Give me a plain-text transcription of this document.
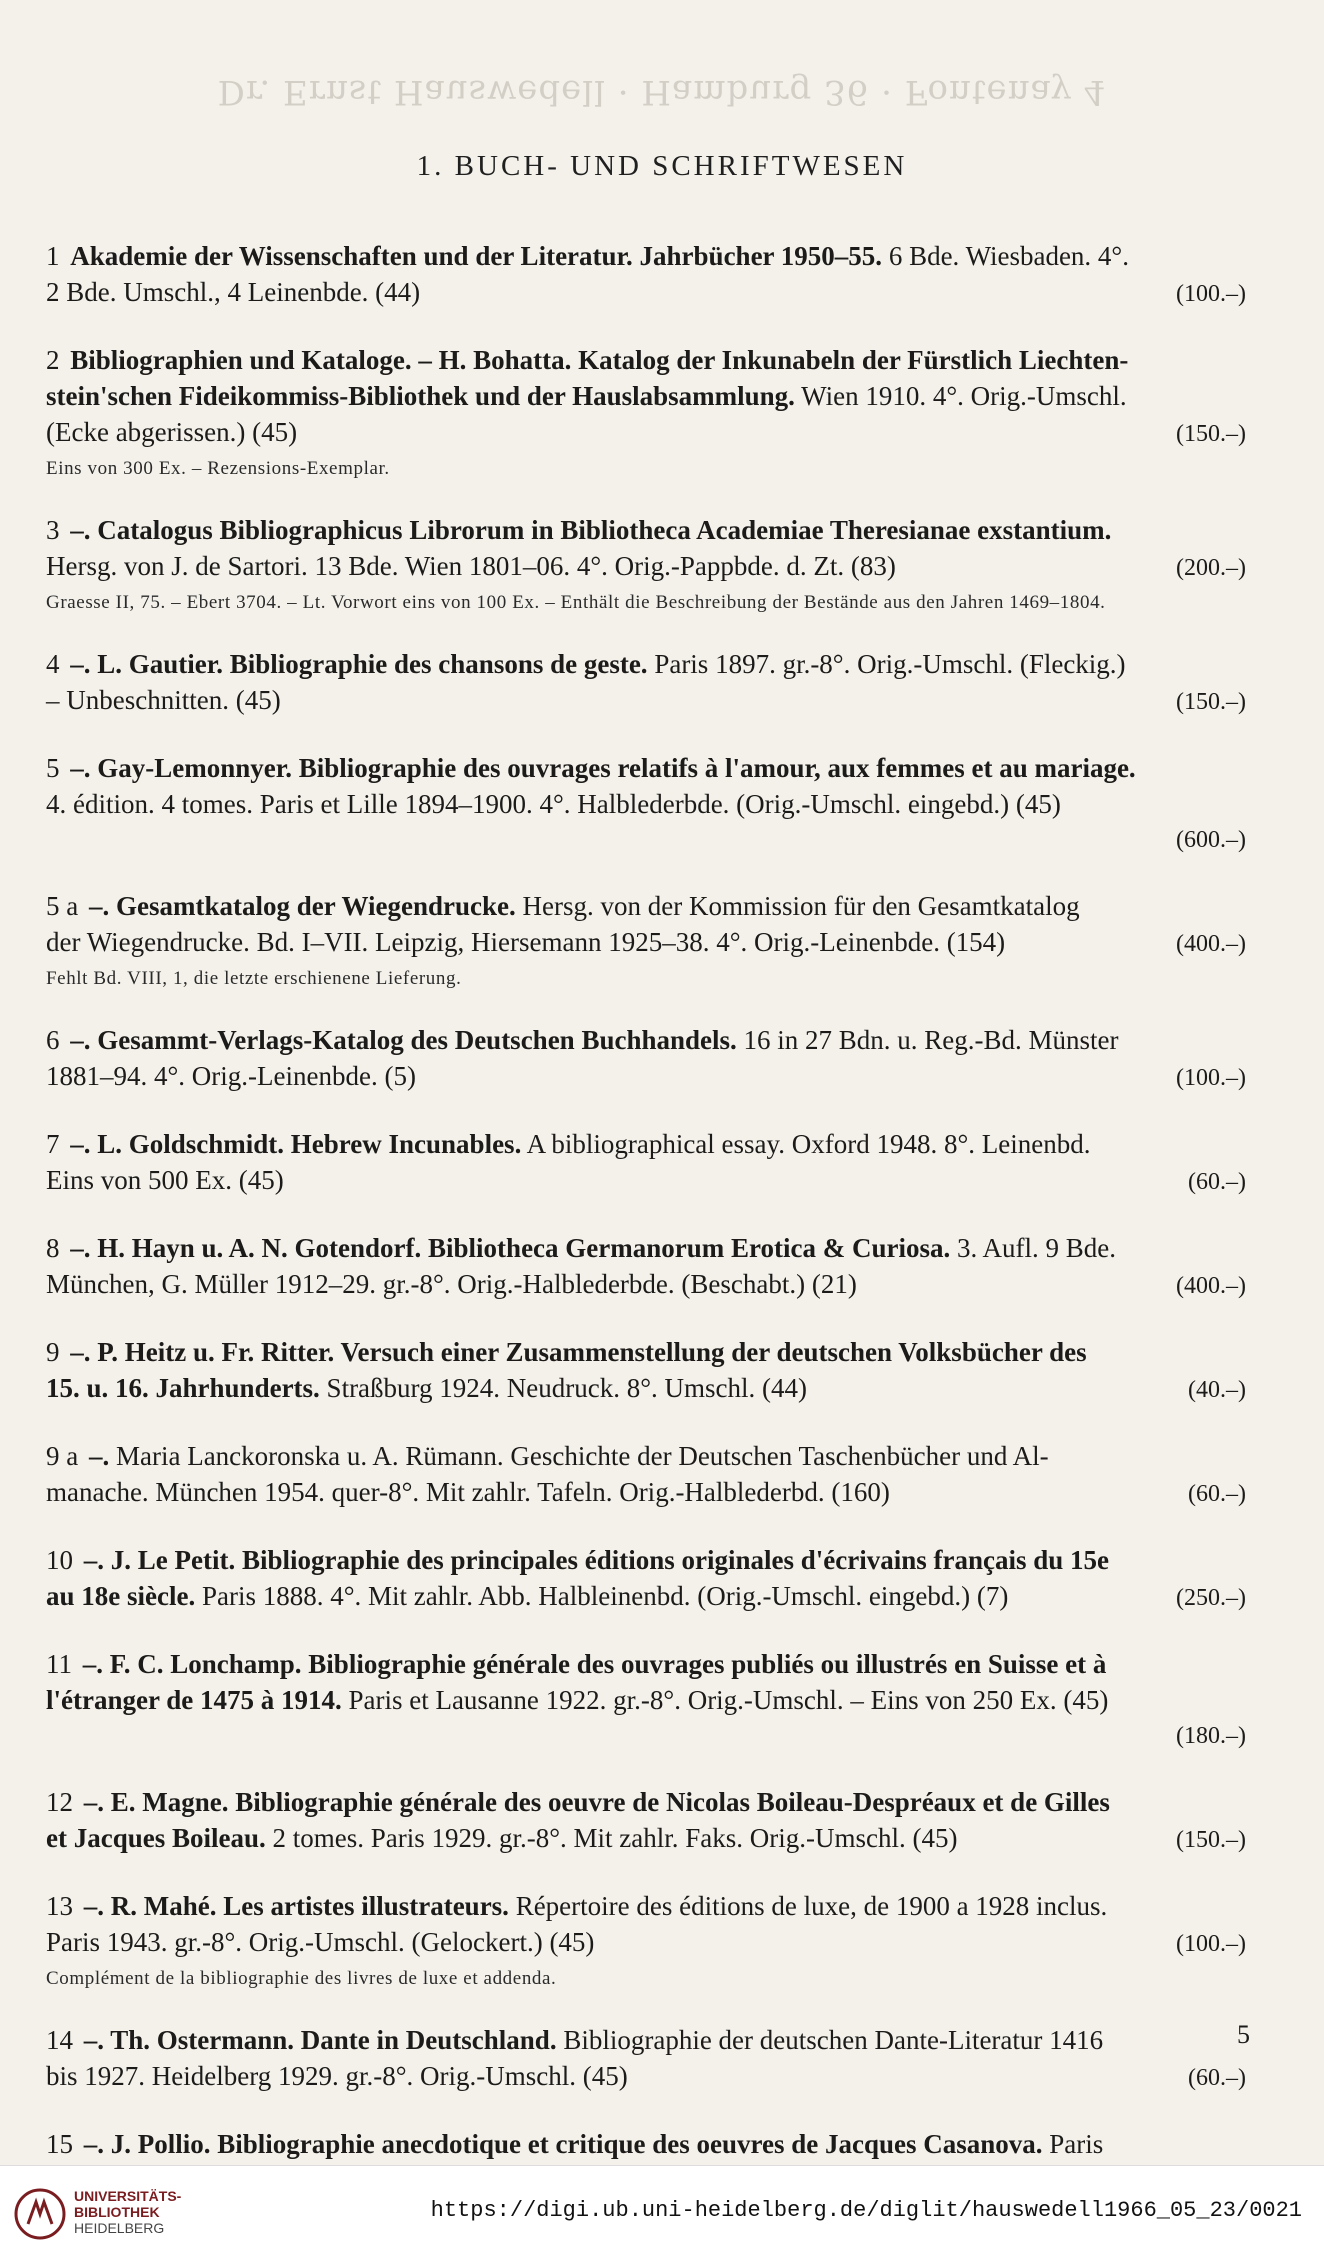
Dr. Ernst Hauswedell · Hamburg 36 · Fontenay 4
1. BUCH- UND SCHRIFTWESEN
1 Akademie der Wissenschaften und der Literatur. Jahrbücher 1950–55. 6 Bde. Wiesbaden. 4°.
2 Bde. Umschl., 4 Leinenbde. (44)	(100.–)
2 Bibliographien und Kataloge. – H. Bohatta. Katalog der Inkunabeln der Fürstlich Liechten-
stein'schen Fideikommiss-Bibliothek und der Hauslabsammlung. Wien 1910. 4°. Orig.-Umschl.
(Ecke abgerissen.) (45)	(150.–)
Eins von 300 Ex. – Rezensions-Exemplar.
3 –. Catalogus Bibliographicus Librorum in Bibliotheca Academiae Theresianae exstantium.
Hersg. von J. de Sartori. 13 Bde. Wien 1801–06. 4°. Orig.-Pappbde. d. Zt. (83)	(200.–)
Graesse II, 75. – Ebert 3704. – Lt. Vorwort eins von 100 Ex. – Enthält die Beschreibung der Bestände aus den Jahren 1469–1804.
4 –. L. Gautier. Bibliographie des chansons de geste. Paris 1897. gr.-8°. Orig.-Umschl. (Fleckig.)
– Unbeschnitten. (45)	(150.–)
5 –. Gay-Lemonnyer. Bibliographie des ouvrages relatifs à l'amour, aux femmes et au mariage.
4. édition. 4 tomes. Paris et Lille 1894–1900. 4°. Halblederbde. (Orig.-Umschl. eingebd.) (45)
(600.–)
5 a –. Gesamtkatalog der Wiegendrucke. Hersg. von der Kommission für den Gesamtkatalog
der Wiegendrucke. Bd. I–VII. Leipzig, Hiersemann 1925–38. 4°. Orig.-Leinenbde. (154)	(400.–)
Fehlt Bd. VIII, 1, die letzte erschienene Lieferung.
6 –. Gesammt-Verlags-Katalog des Deutschen Buchhandels. 16 in 27 Bdn. u. Reg.-Bd. Münster
1881–94. 4°. Orig.-Leinenbde. (5)	(100.–)
7 –. L. Goldschmidt. Hebrew Incunables. A bibliographical essay. Oxford 1948. 8°. Leinenbd.
Eins von 500 Ex. (45)	(60.–)
8 –. H. Hayn u. A. N. Gotendorf. Bibliotheca Germanorum Erotica & Curiosa. 3. Aufl. 9 Bde.
München, G. Müller 1912–29. gr.-8°. Orig.-Halblederbde. (Beschabt.) (21)	(400.–)
9 –. P. Heitz u. Fr. Ritter. Versuch einer Zusammenstellung der deutschen Volksbücher des
15. u. 16. Jahrhunderts. Straßburg 1924. Neudruck. 8°. Umschl. (44)	(40.–)
9 a –. Maria Lanckoronska u. A. Rümann. Geschichte der Deutschen Taschenbücher und Al-
manache. München 1954. quer-8°. Mit zahlr. Tafeln. Orig.-Halblederbd. (160)	(60.–)
10 –. J. Le Petit. Bibliographie des principales éditions originales d'écrivains français du 15e
au 18e siècle. Paris 1888. 4°. Mit zahlr. Abb. Halbleinenbd. (Orig.-Umschl. eingebd.) (7)	(250.–)
11 –. F. C. Lonchamp. Bibliographie générale des ouvrages publiés ou illustrés en Suisse et à
l'étranger de 1475 à 1914. Paris et Lausanne 1922. gr.-8°. Orig.-Umschl. – Eins von 250 Ex. (45)
(180.–)
12 –. E. Magne. Bibliographie générale des oeuvre de Nicolas Boileau-Despréaux et de Gilles
et Jacques Boileau. 2 tomes. Paris 1929. gr.-8°. Mit zahlr. Faks. Orig.-Umschl. (45)	(150.–)
13 –. R. Mahé. Les artistes illustrateurs. Répertoire des éditions de luxe, de 1900 a 1928 inclus.
Paris 1943. gr.-8°. Orig.-Umschl. (Gelockert.) (45)	(100.–)
Complément de la bibliographie des livres de luxe et addenda.
14 –. Th. Ostermann. Dante in Deutschland. Bibliographie der deutschen Dante-Literatur 1416
bis 1927. Heidelberg 1929. gr.-8°. Orig.-Umschl. (45)	(60.–)
15 –. J. Pollio. Bibliographie anecdotique et critique des oeuvres de Jacques Casanova. Paris
5
UNIVERSITÄTS-
BIBLIOTHEK
HEIDELBERG
https://digi.ub.uni-heidelberg.de/diglit/hauswedell1966_05_23/0021
